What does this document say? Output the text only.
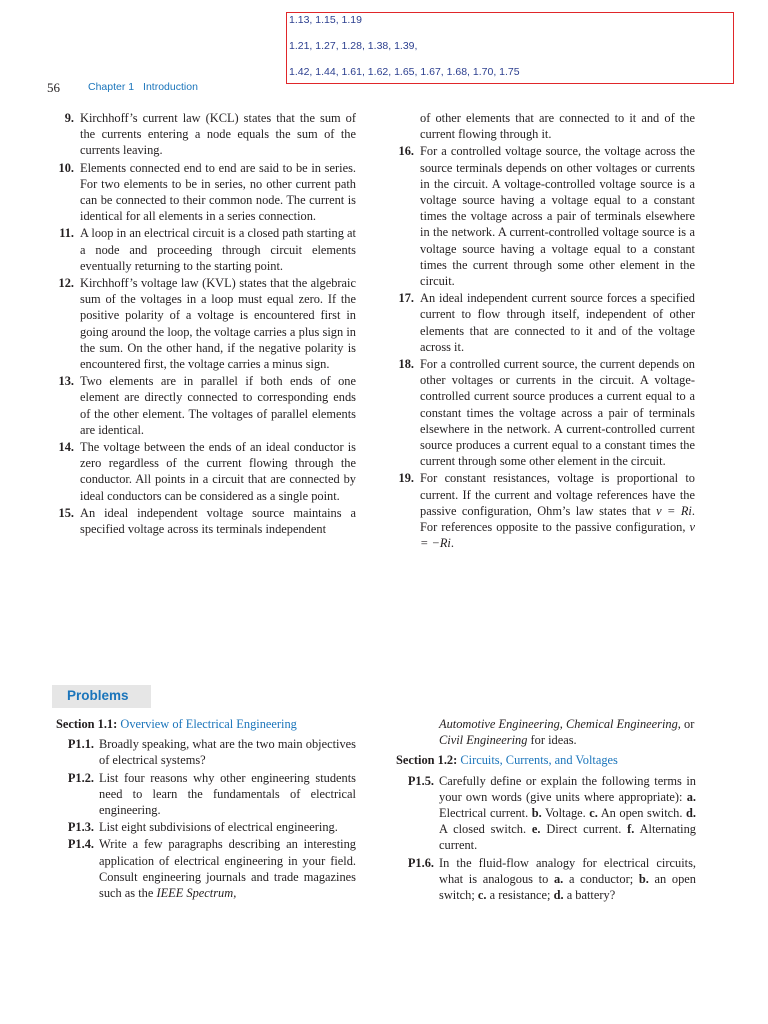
1.13, 1.15, 1.19
1.21, 1.27, 1.28, 1.38, 1.39,
1.42, 1.44, 1.61, 1.62, 1.65, 1.67, 1.68, 1.70, 1.75
56	Chapter 1 Introduction
9. Kirchhoff’s current law (KCL) states that the sum of the currents entering a node equals the sum of the currents leaving.
10. Elements connected end to end are said to be in series. For two elements to be in series, no other current path can be connected to their common node. The current is identical for all elements in a series connection.
11. A loop in an electrical circuit is a closed path starting at a node and proceeding through circuit elements eventually returning to the starting point.
12. Kirchhoff’s voltage law (KVL) states that the algebraic sum of the voltages in a loop must equal zero. If the positive polarity of a voltage is encountered first in going around the loop, the voltage carries a plus sign in the sum. On the other hand, if the negative polarity is encountered first, the voltage carries a minus sign.
13. Two elements are in parallel if both ends of one element are directly connected to corresponding ends of the other element. The voltages of parallel elements are identical.
14. The voltage between the ends of an ideal conductor is zero regardless of the current flowing through the conductor. All points in a circuit that are connected by ideal conductors can be considered as a single point.
15. An ideal independent voltage source maintains a specified voltage across its terminals independent
of other elements that are connected to it and of the current flowing through it.
16. For a controlled voltage source, the voltage across the source terminals depends on other voltages or currents in the circuit. A voltage-controlled voltage source is a voltage source having a voltage equal to a constant times the voltage across a pair of terminals elsewhere in the network. A current-controlled voltage source is a voltage source having a voltage equal to a constant times the current through some other element in the circuit.
17. An ideal independent current source forces a specified current to flow through itself, independent of other elements that are connected to it and of the voltage across it.
18. For a controlled current source, the current depends on other voltages or currents in the circuit. A voltage-controlled current source produces a current equal to a constant times the voltage across a pair of terminals elsewhere in the network. A current-controlled current source produces a current equal to a constant times the current through some other element in the circuit.
19. For constant resistances, voltage is proportional to current. If the current and voltage references have the passive configuration, Ohm’s law states that v = Ri. For references opposite to the passive configuration, v = −Ri.
Problems
Section 1.1: Overview of Electrical Engineering
P1.1. Broadly speaking, what are the two main objectives of electrical systems?
P1.2. List four reasons why other engineering students need to learn the fundamentals of electrical engineering.
P1.3. List eight subdivisions of electrical engineering.
P1.4. Write a few paragraphs describing an interesting application of electrical engineering in your field. Consult engineering journals and trade magazines such as the IEEE Spectrum,
Automotive Engineering, Chemical Engineering, or Civil Engineering for ideas.
Section 1.2: Circuits, Currents, and Voltages
P1.5. Carefully define or explain the following terms in your own words (give units where appropriate): a. Electrical current. b. Voltage. c. An open switch. d. A closed switch. e. Direct current. f. Alternating current.
P1.6. In the fluid-flow analogy for electrical circuits, what is analogous to a. a conductor; b. an open switch; c. a resistance; d. a battery?
